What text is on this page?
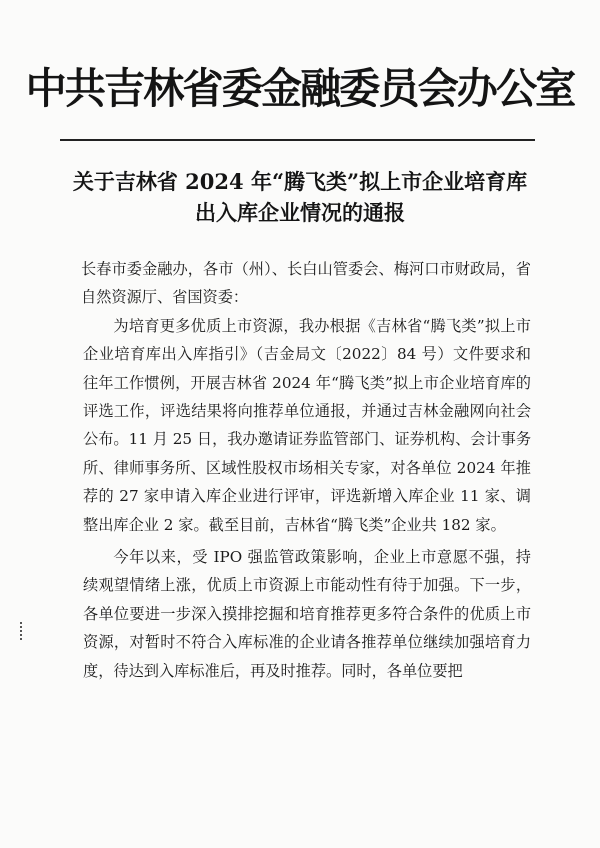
中共吉林省委金融委员会办公室
关于吉林省 2024 年“腾飞类”拟上市企业培育库
出入库企业情况的通报

长春市委金融办，各市（州）、长白山管委会、梅河口市财政局，省自然资源厅、省国资委：

为培育更多优质上市资源，我办根据《吉林省“腾飞类”拟上市企业培育库出入库指引》（吉金局文〔2022〕84 号）文件要求和往年工作惯例，开展吉林省 2024 年“腾飞类”拟上市企业培育库的评选工作，评选结果将向推荐单位通报，并通过吉林金融网向社会公布。11 月 25 日，我办邀请证券监管部门、证券机构、会计事务所、律师事务所、区域性股权市场相关专家，对各单位 2024 年推荐的 27 家申请入库企业进行评审，评选新增入库企业 11 家、调整出库企业 2 家。截至目前，吉林省“腾飞类”企业共 182 家。

今年以来，受 IPO 强监管政策影响，企业上市意愿不强，持续观望情绪上涨，优质上市资源上市能动性有待于加强。下一步，各单位要进一步深入摸排挖掘和培育推荐更多符合条件的优质上市资源，对暂时不符合入库标准的企业请各推荐单位继续加强培育力度，待达到入库标准后，再及时推荐。同时，各单位要把
